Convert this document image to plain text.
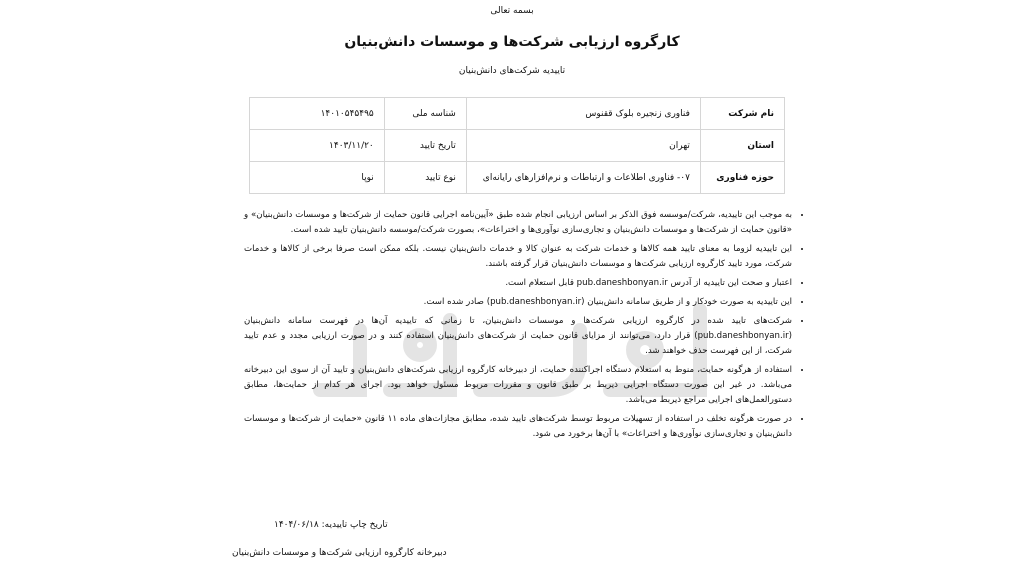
بسمه تعالی
کارگروه ارزیابی شرکت‌ها و موسسات دانش‌بنیان
تاییدیه شرکت‌های دانش‌بنیان
نام شرکت	فناوری زنجیره بلوک ققنوس	شناسه ملی	۱۴۰۱۰۵۴۵۴۹۵
استان	تهران	تاریخ تایید	۱۴۰۳/۱۱/۲۰
حوزه فناوری	۰۷- فناوری اطلاعات و ارتباطات و نرم‌افزارهای رایانه‌ای	نوع تایید	نوپا
• به موجب این تاییدیه، شرکت/موسسه فوق الذکر بر اساس ارزیابی انجام شده طبق «آیین‌نامه اجرایی قانون حمایت از شرکت‌ها و موسسات دانش‌بنیان» و «قانون حمایت از شرکت‌ها و موسسات دانش‌بنیان و تجاری‌سازی نوآوری‌ها و اختراعات»، بصورت شرکت/موسسه دانش‌بنیان تایید شده است.
• این تاییدیه لزوما به معنای تایید همه کالاها و خدمات شرکت به عنوان کالا و خدمات دانش‌بنیان نیست. بلکه ممکن است صرفا برخی از کالاها و خدمات شرکت، مورد تایید کارگروه ارزیابی شرکت‌ها و موسسات دانش‌بنیان قرار گرفته باشند.
• اعتبار و صحت این تاییدیه از آدرس pub.daneshbonyan.ir قابل استعلام است.
• این تاییدیه به صورت خودکار و از طریق سامانه دانش‌بنیان (pub.daneshbonyan.ir) صادر شده است.
• شرکت‌های تایید شده در کارگروه ارزیابی شرکت‌ها و موسسات دانش‌بنیان، تا زمانی که تاییدیه آن‌ها در فهرست سامانه دانش‌بنیان (pub.daneshbonyan.ir) قرار دارد، می‌توانند از مزایای قانون حمایت از شرکت‌های دانش‌بنیان استفاده کنند و در صورت ارزیابی مجدد و عدم تایید شرکت، از این فهرست حذف خواهند شد.
• استفاده از هرگونه حمایت، منوط به استعلام دستگاه اجراکننده حمایت، از دبیرخانه کارگروه ارزیابی شرکت‌های دانش‌بنیان و تایید آن از سوی این دبیرخانه می‌باشد. در غیر این صورت دستگاه اجرایی ذیربط بر طبق قانون و مقررات مربوط مسئول خواهد بود. اجرای هر کدام از حمایت‌ها، مطابق دستورالعمل‌های اجرایی مراجع ذیربط می‌باشد.
• در صورت هرگونه تخلف در استفاده از تسهیلات مربوط توسط شرکت‌های تایید شده، مطابق مجازات‌های ماده ۱۱ قانون «حمایت از شرکت‌ها و موسسات دانش‌بنیان و تجاری‌سازی نوآوری‌ها و اختراعات» با آن‌ها برخورد می شود.
تاریخ چاپ تاییدیه: ۱۴۰۴/۰۶/۱۸
دبیرخانه کارگروه ارزیابی شرکت‌ها و موسسات دانش‌بنیان
